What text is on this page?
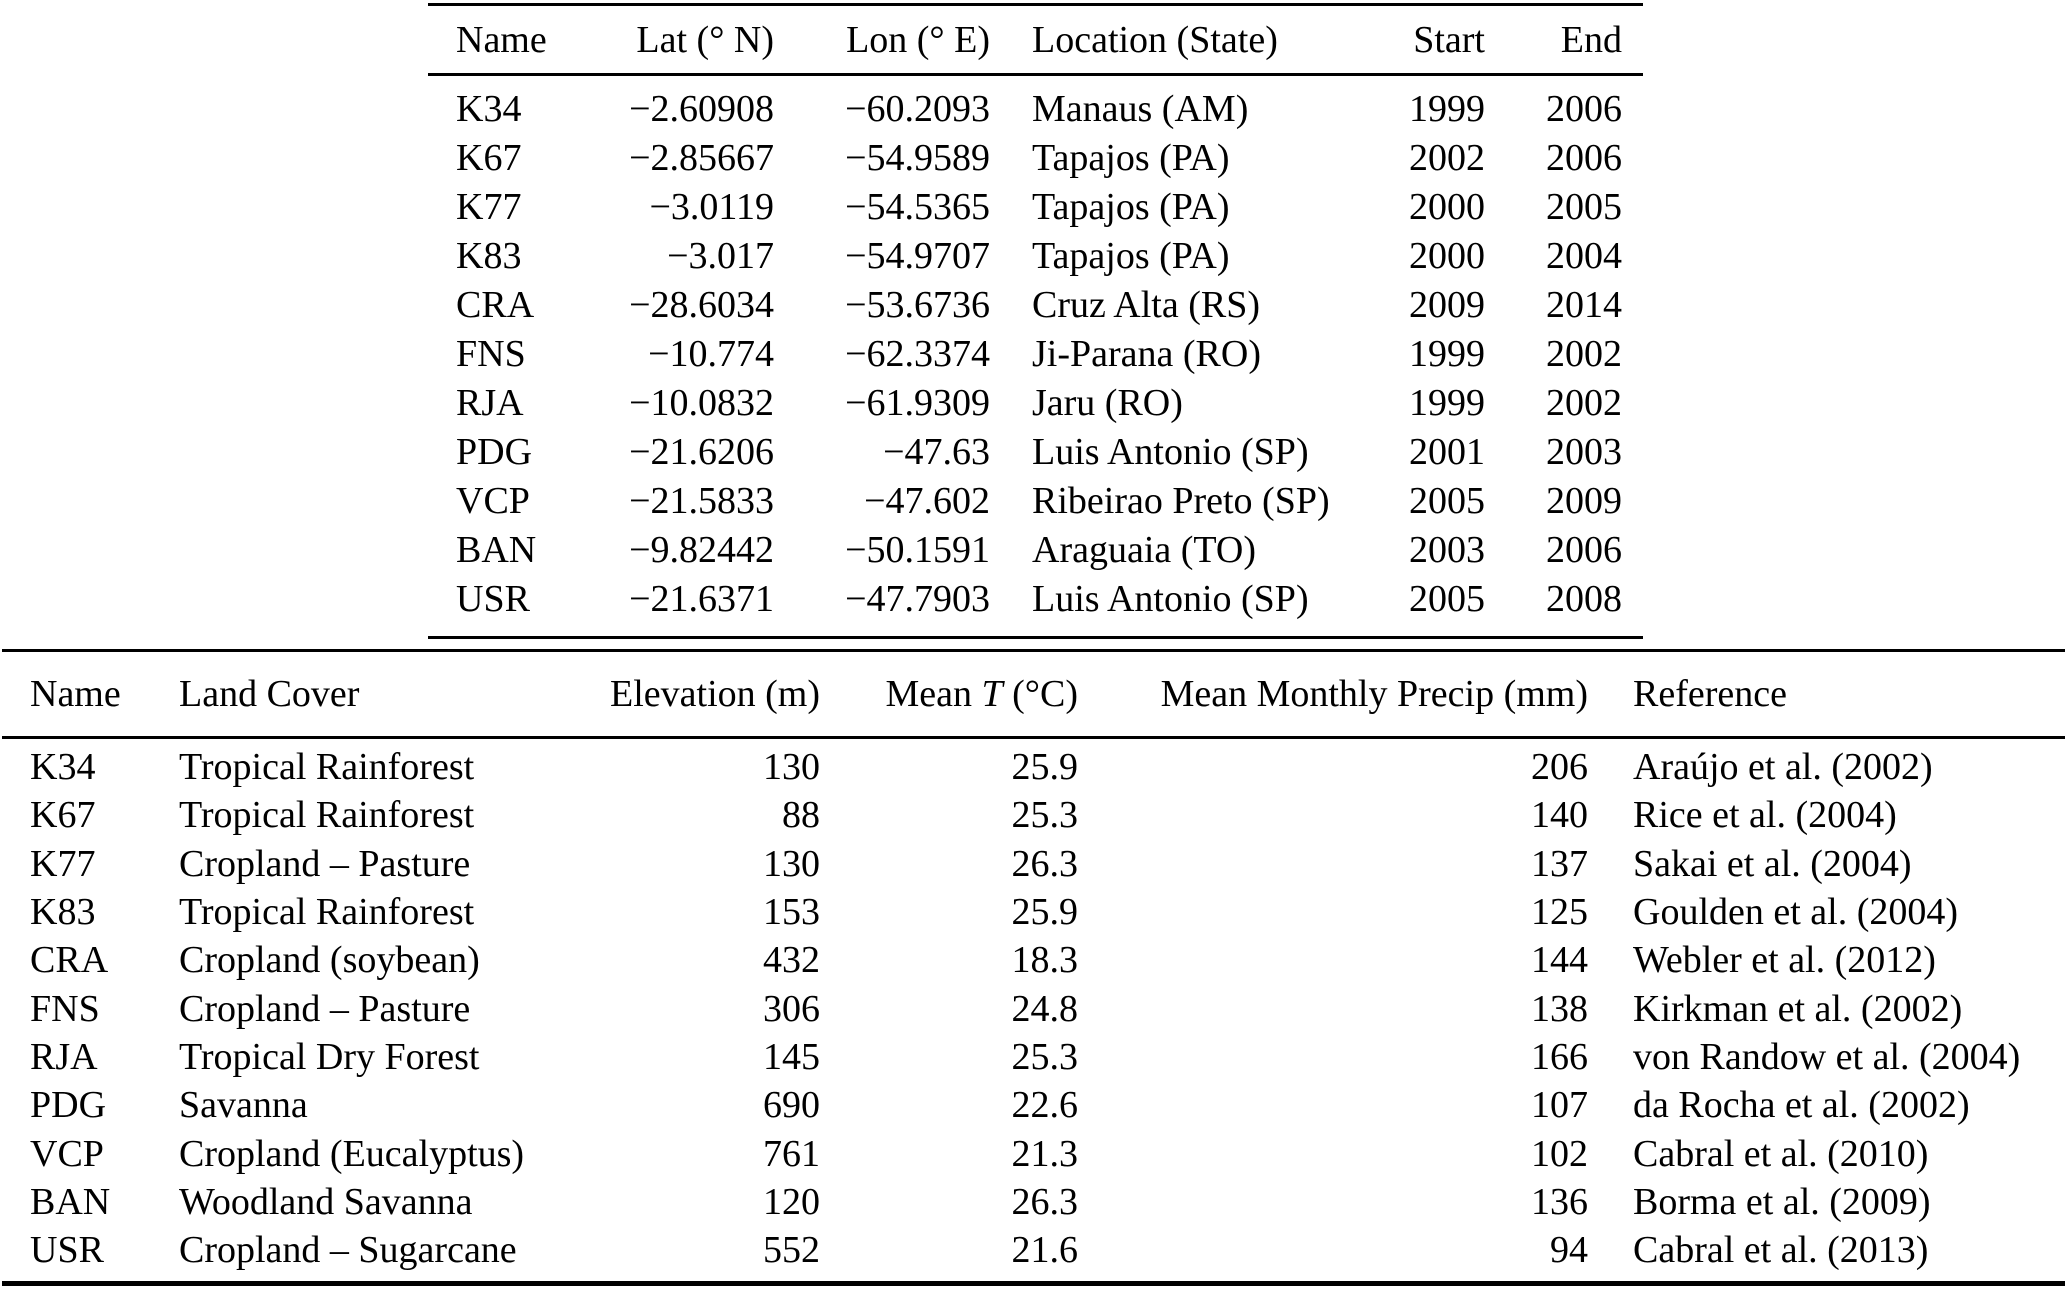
Name	Lat (° N)	Lon (° E)	Location (State)	Start	End
K34	−2.60908	−60.2093	Manaus (AM)	1999	2006
K67	−2.85667	−54.9589	Tapajos (PA)	2002	2006
K77	−3.0119	−54.5365	Tapajos (PA)	2000	2005
K83	−3.017	−54.9707	Tapajos (PA)	2000	2004
CRA	−28.6034	−53.6736	Cruz Alta (RS)	2009	2014
FNS	−10.774	−62.3374	Ji-Parana (RO)	1999	2002
RJA	−10.0832	−61.9309	Jaru (RO)	1999	2002
PDG	−21.6206	−47.63	Luis Antonio (SP)	2001	2003
VCP	−21.5833	−47.602	Ribeirao Preto (SP)	2005	2009
BAN	−9.82442	−50.1591	Araguaia (TO)	2003	2006
USR	−21.6371	−47.7903	Luis Antonio (SP)	2005	2008
Name	Land Cover	Elevation (m)	Mean T (°C)	Mean Monthly Precip (mm)	Reference
K34	Tropical Rainforest	130	25.9	206	Araújo et al. (2002)
K67	Tropical Rainforest	88	25.3	140	Rice et al. (2004)
K77	Cropland – Pasture	130	26.3	137	Sakai et al. (2004)
K83	Tropical Rainforest	153	25.9	125	Goulden et al. (2004)
CRA	Cropland (soybean)	432	18.3	144	Webler et al. (2012)
FNS	Cropland – Pasture	306	24.8	138	Kirkman et al. (2002)
RJA	Tropical Dry Forest	145	25.3	166	von Randow et al. (2004)
PDG	Savanna	690	22.6	107	da Rocha et al. (2002)
VCP	Cropland (Eucalyptus)	761	21.3	102	Cabral et al. (2010)
BAN	Woodland Savanna	120	26.3	136	Borma et al. (2009)
USR	Cropland – Sugarcane	552	21.6	94	Cabral et al. (2013)
